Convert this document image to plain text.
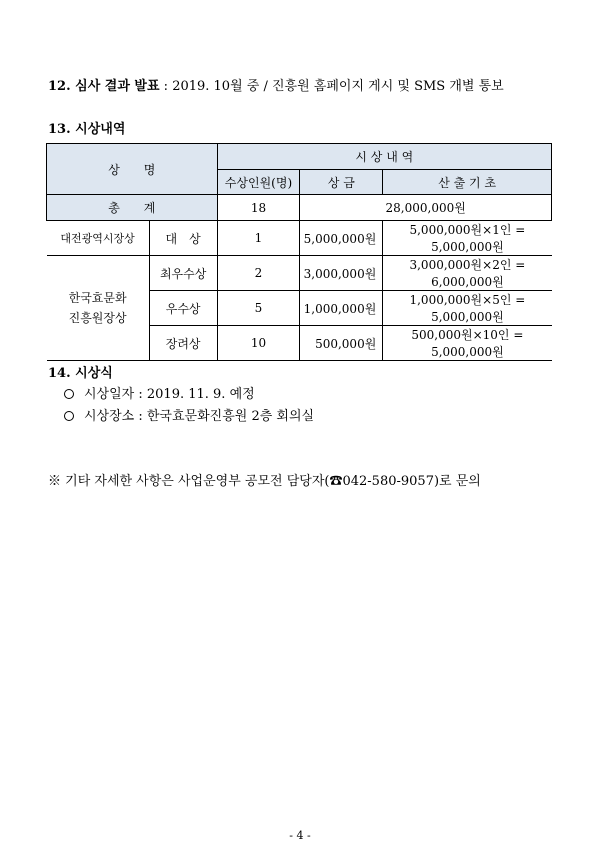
12. 심사 결과 발표 : 2019. 10월 중 / 진흥원 홈페이지 게시 및 SMS 개별 통보
13. 시상내역
상　　명		시 상 내 역		
		수상인원(명)	상 금	산 출 기 초
총　　계		18	28,000,000원	
대전광역시장상	대　상	1	5,000,000원	5,000,000원×1인 = 5,000,000원
한국효문화
진흥원장상	최우수상	2	3,000,000원	3,000,000원×2인 = 6,000,000원
	우수상	5	1,000,000원	1,000,000원×5인 = 5,000,000원
	장려상	10	500,000원	500,000원×10인 = 5,000,000원
14. 시상식
시상일자 : 2019. 11. 9. 예정
시상장소 : 한국효문화진흥원 2층 회의실
※ 기타 자세한 사항은 사업운영부 공모전 담당자(☎042-580-9057)로 문의
- 4 -
